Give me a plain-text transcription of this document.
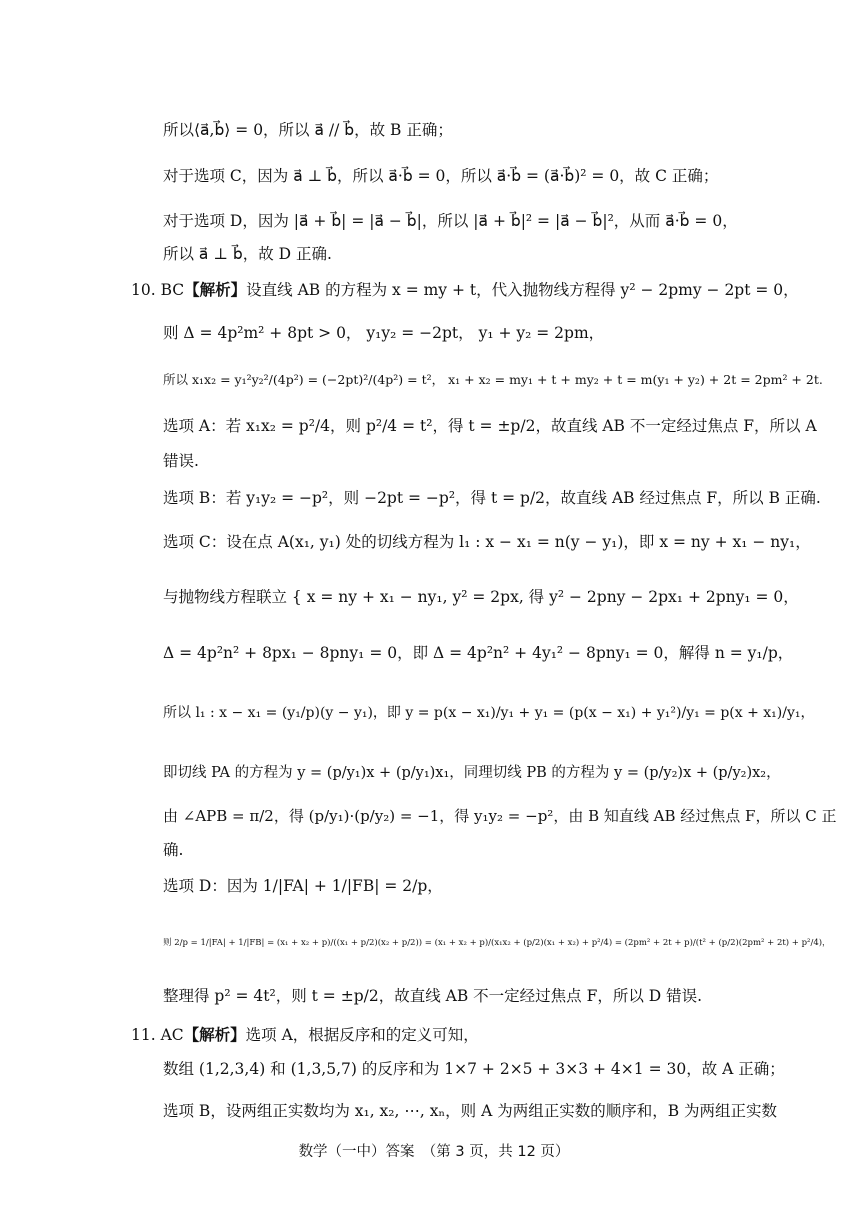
所以⟨a⃗,b⃗⟩ = 0，所以 a⃗ // b⃗，故 B 正确；
对于选项 C，因为 a⃗ ⊥ b⃗，所以 a⃗·b⃗ = 0，所以 a⃗·b⃗ = (a⃗·b⃗)² = 0，故 C 正确；
对于选项 D，因为 |a⃗ + b⃗| = |a⃗ − b⃗|，所以 |a⃗ + b⃗|² = |a⃗ − b⃗|²，从而 a⃗·b⃗ = 0，
所以 a⃗ ⊥ b⃗，故 D 正确.
10. BC【解析】设直线 AB 的方程为 x = my + t，代入抛物线方程得 y² − 2pmy − 2pt = 0，
则 Δ = 4p²m² + 8pt > 0， y₁y₂ = −2pt， y₁ + y₂ = 2pm，
所以 x₁x₂ = y₁²y₂²/(4p²) = (−2pt)²/(4p²) = t²， x₁ + x₂ = my₁ + t + my₂ + t = m(y₁ + y₂) + 2t = 2pm² + 2t.
选项 A：若 x₁x₂ = p²/4，则 p²/4 = t²，得 t = ±p/2，故直线 AB 不一定经过焦点 F，所以 A
错误.
选项 B：若 y₁y₂ = −p²，则 −2pt = −p²，得 t = p/2，故直线 AB 经过焦点 F，所以 B 正确.
选项 C：设在点 A(x₁, y₁) 处的切线方程为 l₁ : x − x₁ = n(y − y₁)，即 x = ny + x₁ − ny₁，
与抛物线方程联立 { x = ny + x₁ − ny₁, y² = 2px, 得 y² − 2pny − 2px₁ + 2pny₁ = 0，
Δ = 4p²n² + 8px₁ − 8pny₁ = 0，即 Δ = 4p²n² + 4y₁² − 8pny₁ = 0，解得 n = y₁/p，
所以 l₁ : x − x₁ = (y₁/p)(y − y₁)，即 y = p(x − x₁)/y₁ + y₁ = (p(x − x₁) + y₁²)/y₁ = p(x + x₁)/y₁，
即切线 PA 的方程为 y = (p/y₁)x + (p/y₁)x₁，同理切线 PB 的方程为 y = (p/y₂)x + (p/y₂)x₂，
由 ∠APB = π/2，得 (p/y₁)·(p/y₂) = −1，得 y₁y₂ = −p²，由 B 知直线 AB 经过焦点 F，所以 C 正
确.
选项 D：因为 1/|FA| + 1/|FB| = 2/p，
则 2/p = 1/|FA| + 1/|FB| = (x₁ + x₂ + p)/((x₁ + p/2)(x₂ + p/2)) = (x₁ + x₂ + p)/(x₁x₂ + (p/2)(x₁ + x₂) + p²/4) = (2pm² + 2t + p)/(t² + (p/2)(2pm² + 2t) + p²/4)，
整理得 p² = 4t²，则 t = ±p/2，故直线 AB 不一定经过焦点 F，所以 D 错误.
11. AC【解析】选项 A，根据反序和的定义可知，
数组 (1,2,3,4) 和 (1,3,5,7) 的反序和为 1×7 + 2×5 + 3×3 + 4×1 = 30，故 A 正确；
选项 B，设两组正实数均为 x₁, x₂, ⋯, xₙ，则 A 为两组正实数的顺序和，B 为两组正实数
数学（一中）答案　（第 3 页，共 12 页）
